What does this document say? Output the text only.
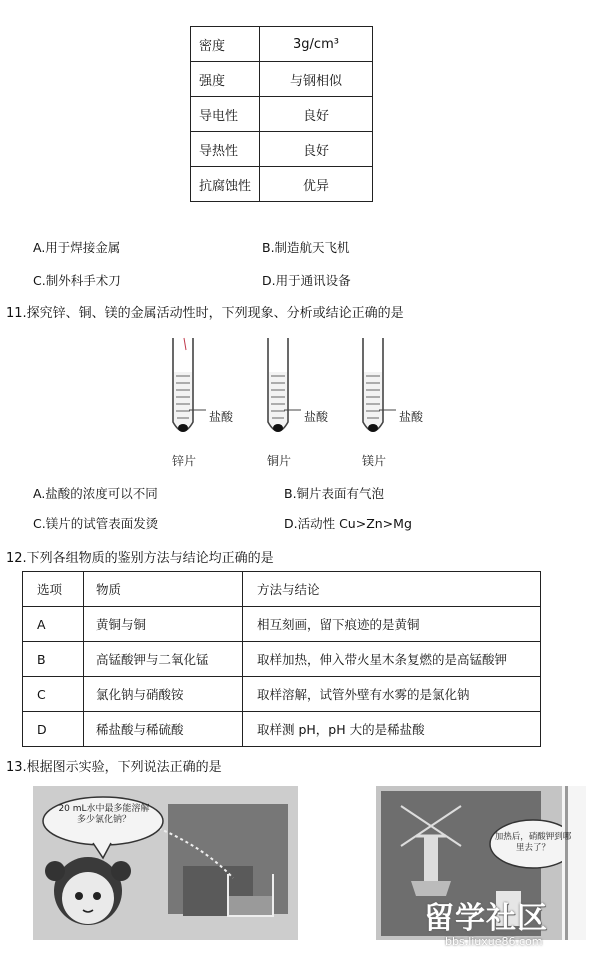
密度	3g/cm³
强度	与钢相似
导电性	良好
导热性	良好
抗腐蚀性	优异
A.用于焊接金属	B.制造航天飞机
C.制外科手术刀	D.用于通讯设备
11.探究锌、铜、镁的金属活动性时，下列现象、分析或结论正确的是
盐酸	盐酸	盐酸
锌片	铜片	镁片
A.盐酸的浓度可以不同	B.铜片表面有气泡
C.镁片的试管表面发烫	D.活动性 Cu>Zn>Mg
12.下列各组物质的鉴别方法与结论均正确的是
选项	物质	方法与结论
A	黄铜与铜	相互刻画，留下痕迹的是黄铜
B	高锰酸钾与二氧化锰	取样加热，伸入带火星木条复燃的是高锰酸钾
C	氯化钠与硝酸铵	取样溶解，试管外壁有水雾的是氯化钠
D	稀盐酸与稀硫酸	取样测 pH，pH 大的是稀盐酸
13.根据图示实验，下列说法正确的是
20 mL水中最多能溶解多少氯化钠？
加热后，硝酸钾到哪里去了？
留学社区
bbs.liuxue86.com
